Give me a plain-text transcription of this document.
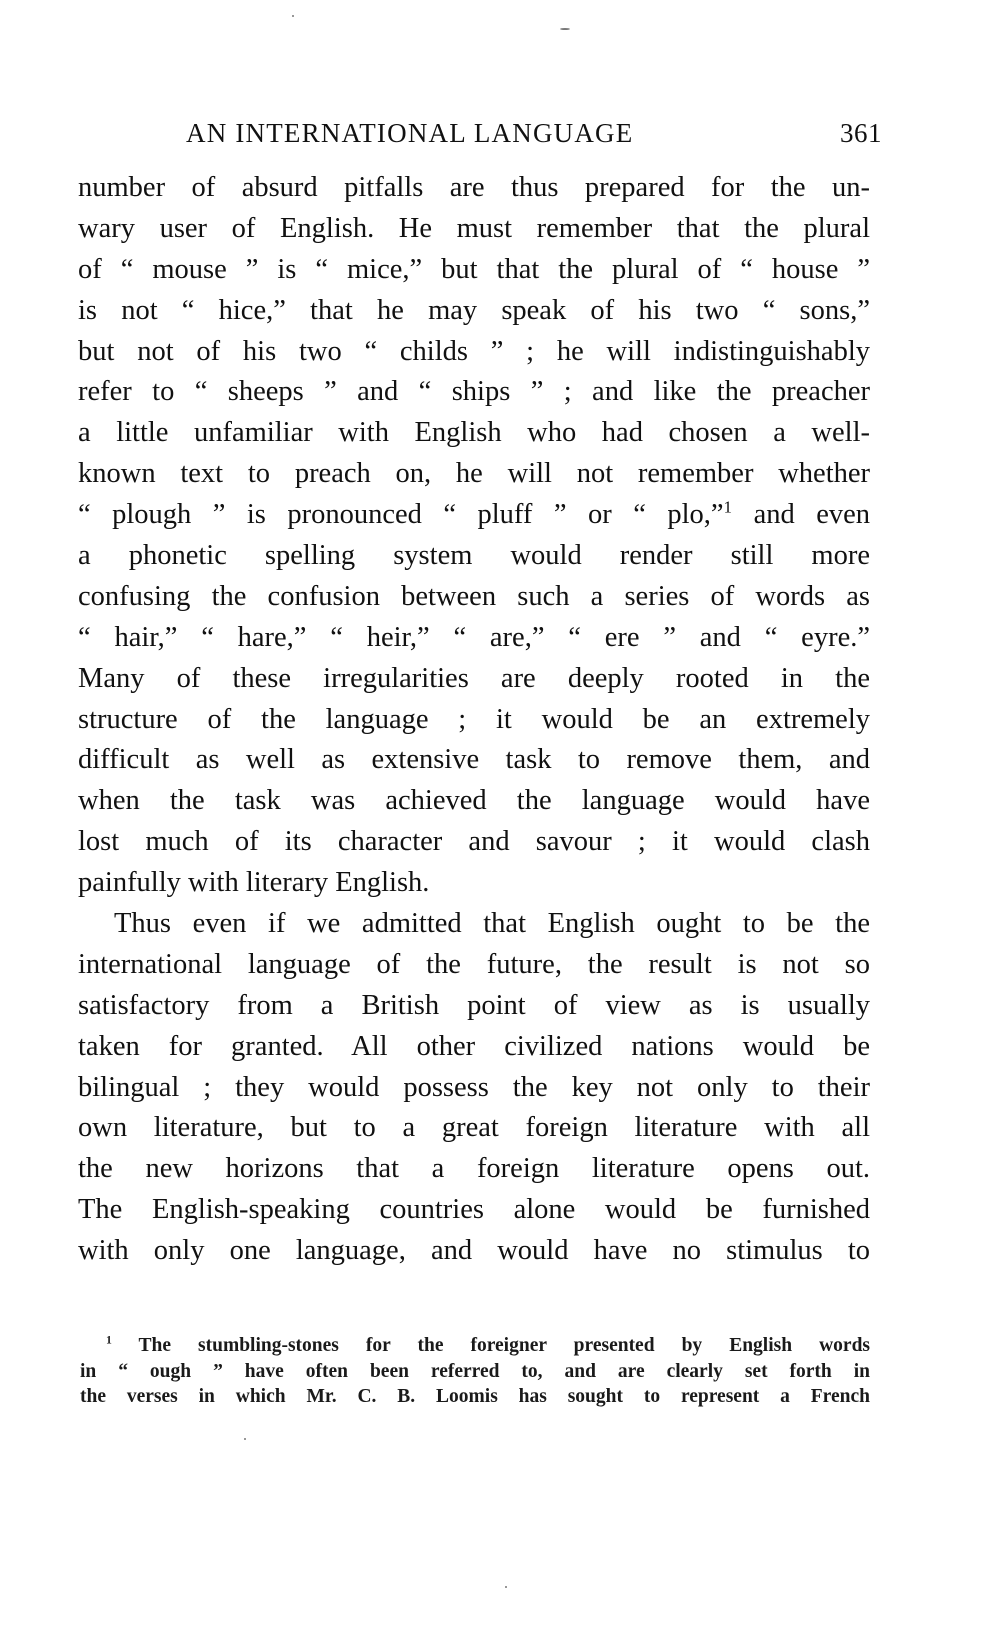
AN INTERNATIONAL LANGUAGE	361
number of absurd pitfalls are thus prepared for the un-
wary user of English. He must remember that the plural
of “ mouse ” is “ mice,” but that the plural of “ house ”
is not “ hice,” that he may speak of his two “ sons,”
but not of his two “ childs ” ; he will indistinguishably
refer to “ sheeps ” and “ ships ” ; and like the preacher
a little unfamiliar with English who had chosen a well-
known text to preach on, he will not remember whether
“ plough ” is pronounced “ pluff ” or “ plo,”$^1$ and even
a phonetic spelling system would render still more
confusing the confusion between such a series of words as
“ hair,” “ hare,” “ heir,” “ are,” “ ere ” and “ eyre.”
Many of these irregularities are deeply rooted in the
structure of the language ; it would be an extremely
difficult as well as extensive task to remove them, and
when the task was achieved the language would have
lost much of its character and savour ; it would clash
painfully with literary English.
Thus even if we admitted that English ought to be the
international language of the future, the result is not so
satisfactory from a British point of view as is usually
taken for granted. All other civilized nations would be
bilingual ; they would possess the key not only to their
own literature, but to a great foreign literature with all
the new horizons that a foreign literature opens out.
The English-speaking countries alone would be furnished
with only one language, and would have no stimulus to
$^1$ The stumbling-stones for the foreigner presented by English words
in “ ough ” have often been referred to, and are clearly set forth in
the verses in which Mr. C. B. Loomis has sought to represent a French
